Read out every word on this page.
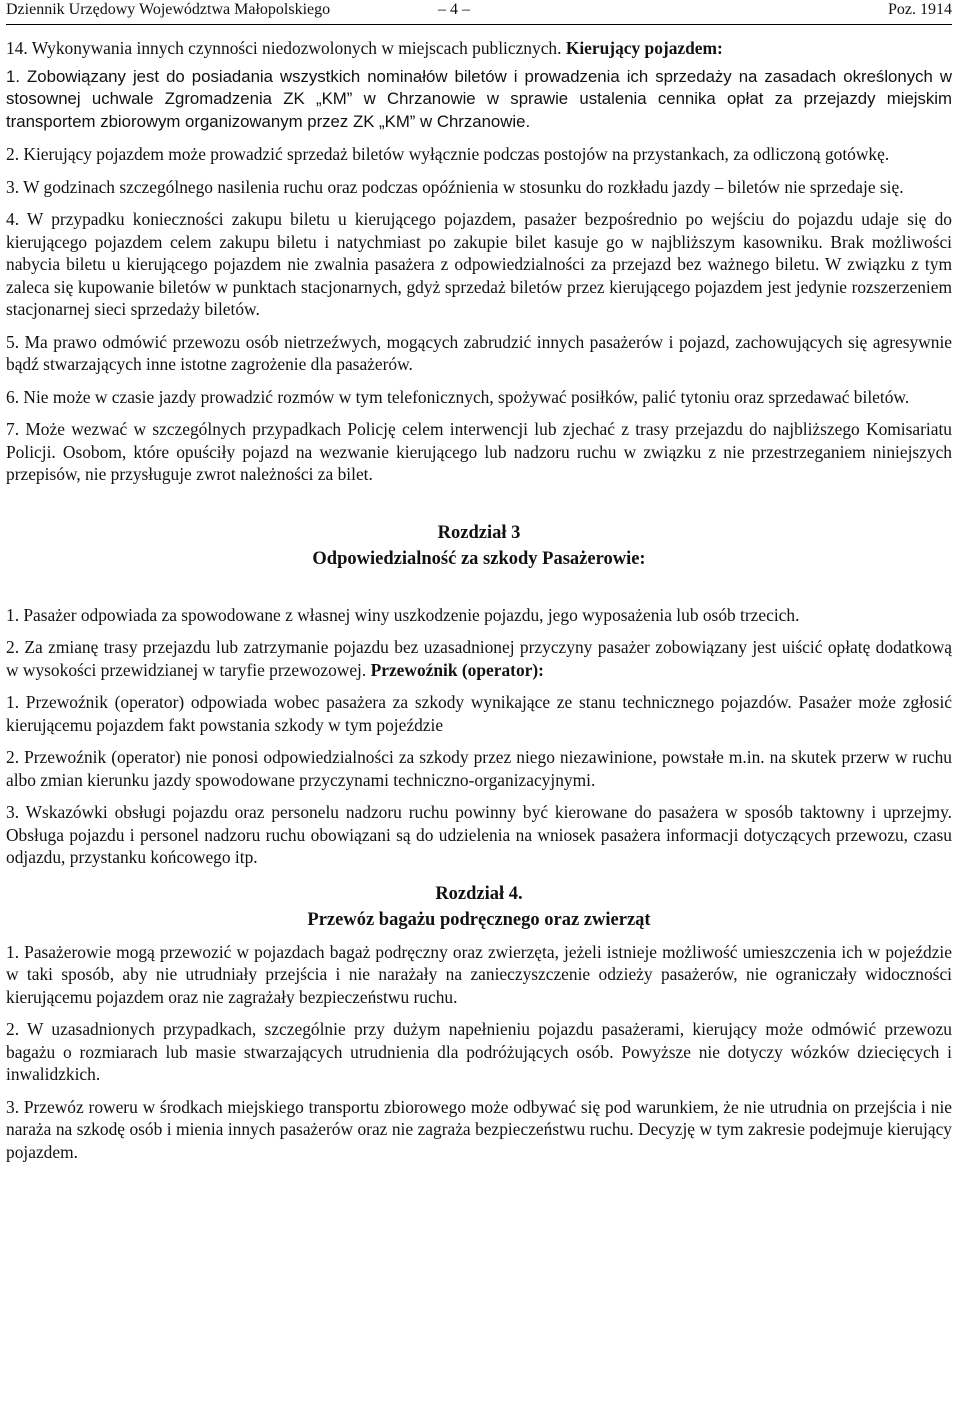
Dziennik Urzędowy Województwa Małopolskiego	– 4 –	Poz. 1914

14. Wykonywania innych czynności niedozwolonych w miejscach publicznych. Kierujący pojazdem:

1. Zobowiązany jest do posiadania wszystkich nominałów biletów i prowadzenia ich sprzedaży na zasadach określonych w stosownej uchwale Zgromadzenia ZK „KM” w Chrzanowie w sprawie ustalenia cennika opłat za przejazdy miejskim transportem zbiorowym organizowanym przez ZK „KM” w Chrzanowie.

2. Kierujący pojazdem może prowadzić sprzedaż biletów wyłącznie podczas postojów na przystankach, za odliczoną gotówkę.

3. W godzinach szczególnego nasilenia ruchu oraz podczas opóźnienia w stosunku do rozkładu jazdy – biletów nie sprzedaje się.

4. W przypadku konieczności zakupu biletu u kierującego pojazdem, pasażer bezpośrednio po wejściu do pojazdu udaje się do kierującego pojazdem celem zakupu biletu i natychmiast po zakupie bilet kasuje go w najbliższym kasowniku. Brak możliwości nabycia biletu u kierującego pojazdem nie zwalnia pasażera z odpowiedzialności za przejazd bez ważnego biletu. W związku z tym zaleca się kupowanie biletów w punktach stacjonarnych, gdyż sprzedaż biletów przez kierującego pojazdem jest jedynie rozszerzeniem stacjonarnej sieci sprzedaży biletów.

5. Ma prawo odmówić przewozu osób nietrzeźwych, mogących zabrudzić innych pasażerów i pojazd, zachowujących się agresywnie bądź stwarzających inne istotne zagrożenie dla pasażerów.

6. Nie może w czasie jazdy prowadzić rozmów w tym telefonicznych, spożywać posiłków, palić tytoniu oraz sprzedawać biletów.

7. Może wezwać w szczególnych przypadkach Policję celem interwencji lub zjechać z trasy przejazdu do najbliższego Komisariatu Policji. Osobom, które opuściły pojazd na wezwanie kierującego lub nadzoru ruchu w związku z nie przestrzeganiem niniejszych przepisów, nie przysługuje zwrot należności za bilet.

Rozdział 3

Odpowiedzialność za szkody Pasażerowie:

1. Pasażer odpowiada za spowodowane z własnej winy uszkodzenie pojazdu, jego wyposażenia lub osób trzecich.

2. Za zmianę trasy przejazdu lub zatrzymanie pojazdu bez uzasadnionej przyczyny pasażer zobowiązany jest uiścić opłatę dodatkową w wysokości przewidzianej w taryfie przewozowej. Przewoźnik (operator):

1. Przewoźnik (operator) odpowiada wobec pasażera za szkody wynikające ze stanu technicznego pojazdów. Pasażer może zgłosić kierującemu pojazdem fakt powstania szkody w tym pojeździe

2. Przewoźnik (operator) nie ponosi odpowiedzialności za szkody przez niego niezawinione, powstałe m.in. na skutek przerw w ruchu albo zmian kierunku jazdy spowodowane przyczynami techniczno-organizacyjnymi.

3. Wskazówki obsługi pojazdu oraz personelu nadzoru ruchu powinny być kierowane do pasażera w sposób taktowny i uprzejmy. Obsługa pojazdu i personel nadzoru ruchu obowiązani są do udzielenia na wniosek pasażera informacji dotyczących przewozu, czasu odjazdu, przystanku końcowego itp.

Rozdział 4.

Przewóz bagażu podręcznego oraz zwierząt

1. Pasażerowie mogą przewozić w pojazdach bagaż podręczny oraz zwierzęta, jeżeli istnieje możliwość umieszczenia ich w pojeździe w taki sposób, aby nie utrudniały przejścia i nie narażały na zanieczyszczenie odzieży pasażerów, nie ograniczały widoczności kierującemu pojazdem oraz nie zagrażały bezpieczeństwu ruchu.

2. W uzasadnionych przypadkach, szczególnie przy dużym napełnieniu pojazdu pasażerami, kierujący może odmówić przewozu bagażu o rozmiarach lub masie stwarzających utrudnienia dla podróżujących osób. Powyższe nie dotyczy wózków dziecięcych i inwalidzkich.

3. Przewóz roweru w środkach miejskiego transportu zbiorowego może odbywać się pod warunkiem, że nie utrudnia on przejścia i nie naraża na szkodę osób i mienia innych pasażerów oraz nie zagraża bezpieczeństwu ruchu. Decyzję w tym zakresie podejmuje kierujący pojazdem.
